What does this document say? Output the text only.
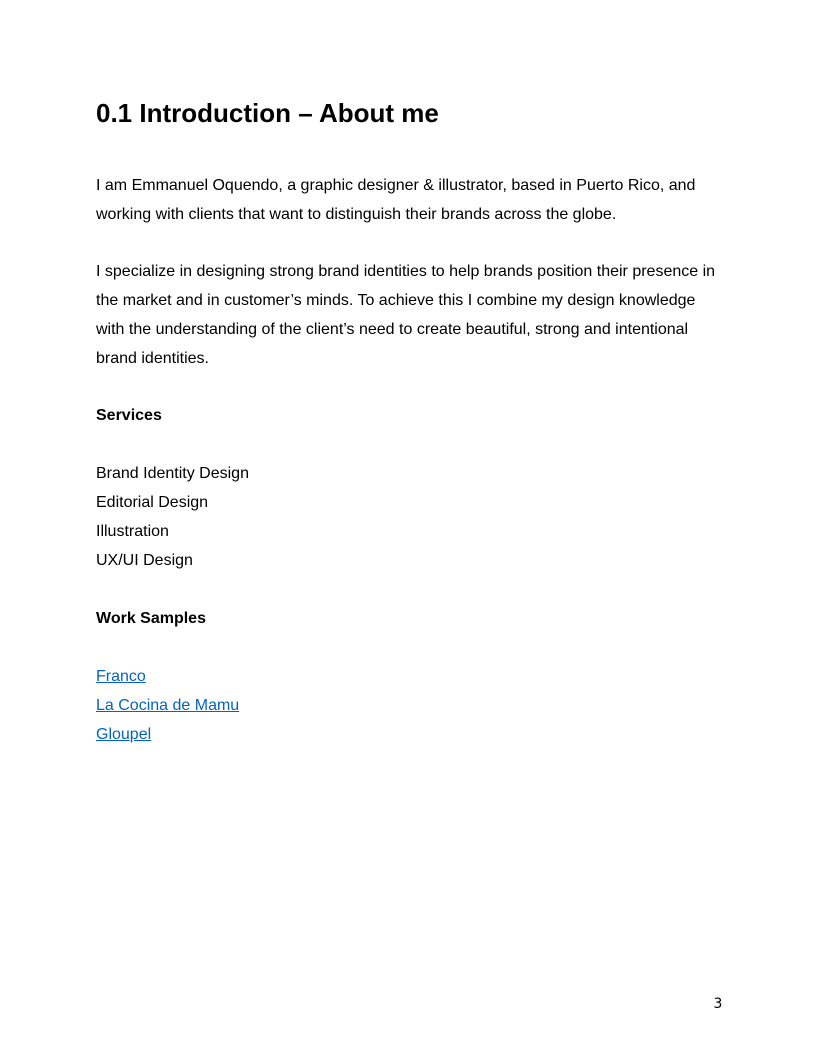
0.1 Introduction – About me

I am Emmanuel Oquendo, a graphic designer & illustrator, based in Puerto Rico, and
working with clients that want to distinguish their brands across the globe.

I specialize in designing strong brand identities to help brands position their presence in
the market and in customer’s minds. To achieve this I combine my design knowledge
with the understanding of the client’s need to create beautiful, strong and intentional
brand identities.

Services
Brand Identity Design
Editorial Design
Illustration
UX/UI Design
Work Samples
Franco
La Cocina de Mamu
Gloupel
3
